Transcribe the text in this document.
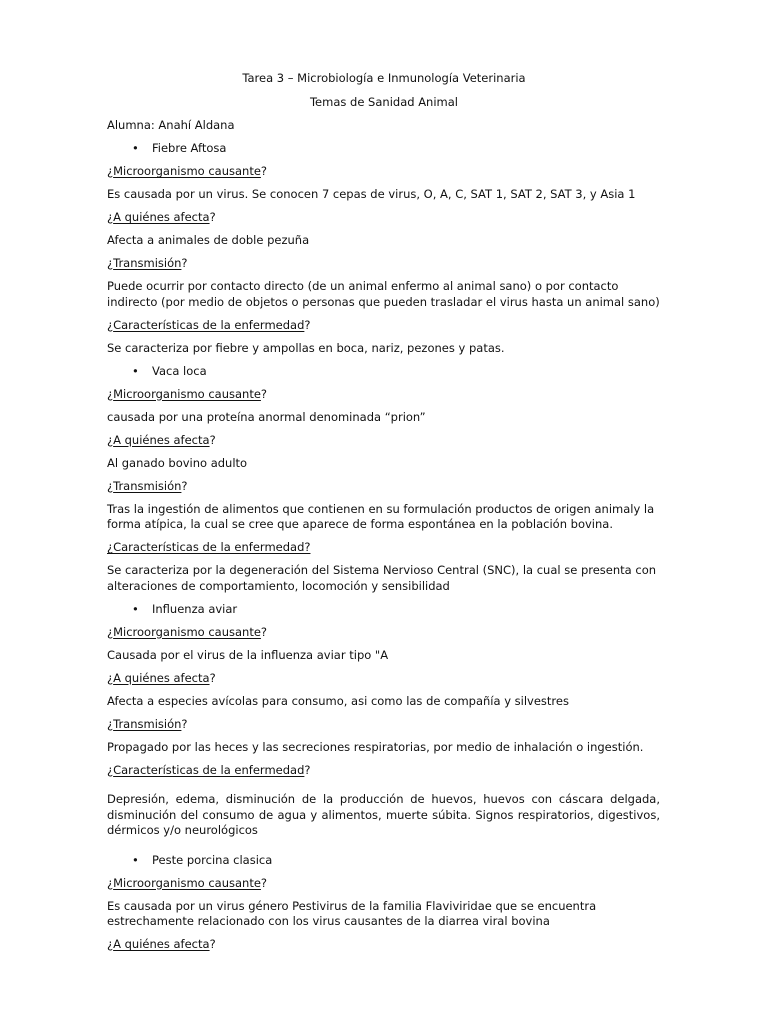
Tarea 3 – Microbiología e Inmunología Veterinaria
Temas de Sanidad Animal
Alumna: Anahí Aldana
• Fiebre Aftosa
¿Microorganismo causante?
Es causada por un virus. Se conocen 7 cepas de virus, O, A, C, SAT 1, SAT 2, SAT 3, y Asia 1
¿A quiénes afecta?
Afecta a animales de doble pezuña
¿Transmisión?
Puede ocurrir por contacto directo (de un animal enfermo al animal sano) o por contacto indirecto (por medio de objetos o personas que pueden trasladar el virus hasta un animal sano)
¿Características de la enfermedad?
Se caracteriza por fiebre y ampollas en boca, nariz, pezones y patas.
• Vaca loca
¿Microorganismo causante?
causada por una proteína anormal denominada “prion”
¿A quiénes afecta?
Al ganado bovino adulto
¿Transmisión?
Tras la ingestión de alimentos que contienen en su formulación productos de origen animaly la forma atípica, la cual se cree que aparece de forma espontánea en la población bovina.
¿Características de la enfermedad?
Se caracteriza por la degeneración del Sistema Nervioso Central (SNC), la cual se presenta con alteraciones de comportamiento, locomoción y sensibilidad
• Influenza aviar
¿Microorganismo causante?
Causada por el virus de la influenza aviar tipo "A
¿A quiénes afecta?
Afecta a especies avícolas para consumo, asi como las de compañía y silvestres
¿Transmisión?
Propagado por las heces y las secreciones respiratorias, por medio de inhalación o ingestión.
¿Características de la enfermedad?
Depresión, edema, disminución de la producción de huevos, huevos con cáscara delgada, disminución del consumo de agua y alimentos, muerte súbita. Signos respiratorios, digestivos, dérmicos y/o neurológicos
• Peste porcina clasica
¿Microorganismo causante?
Es causada por un virus género Pestivirus de la familia Flaviviridae que se encuentra estrechamente relacionado con los virus causantes de la diarrea viral bovina
¿A quiénes afecta?
